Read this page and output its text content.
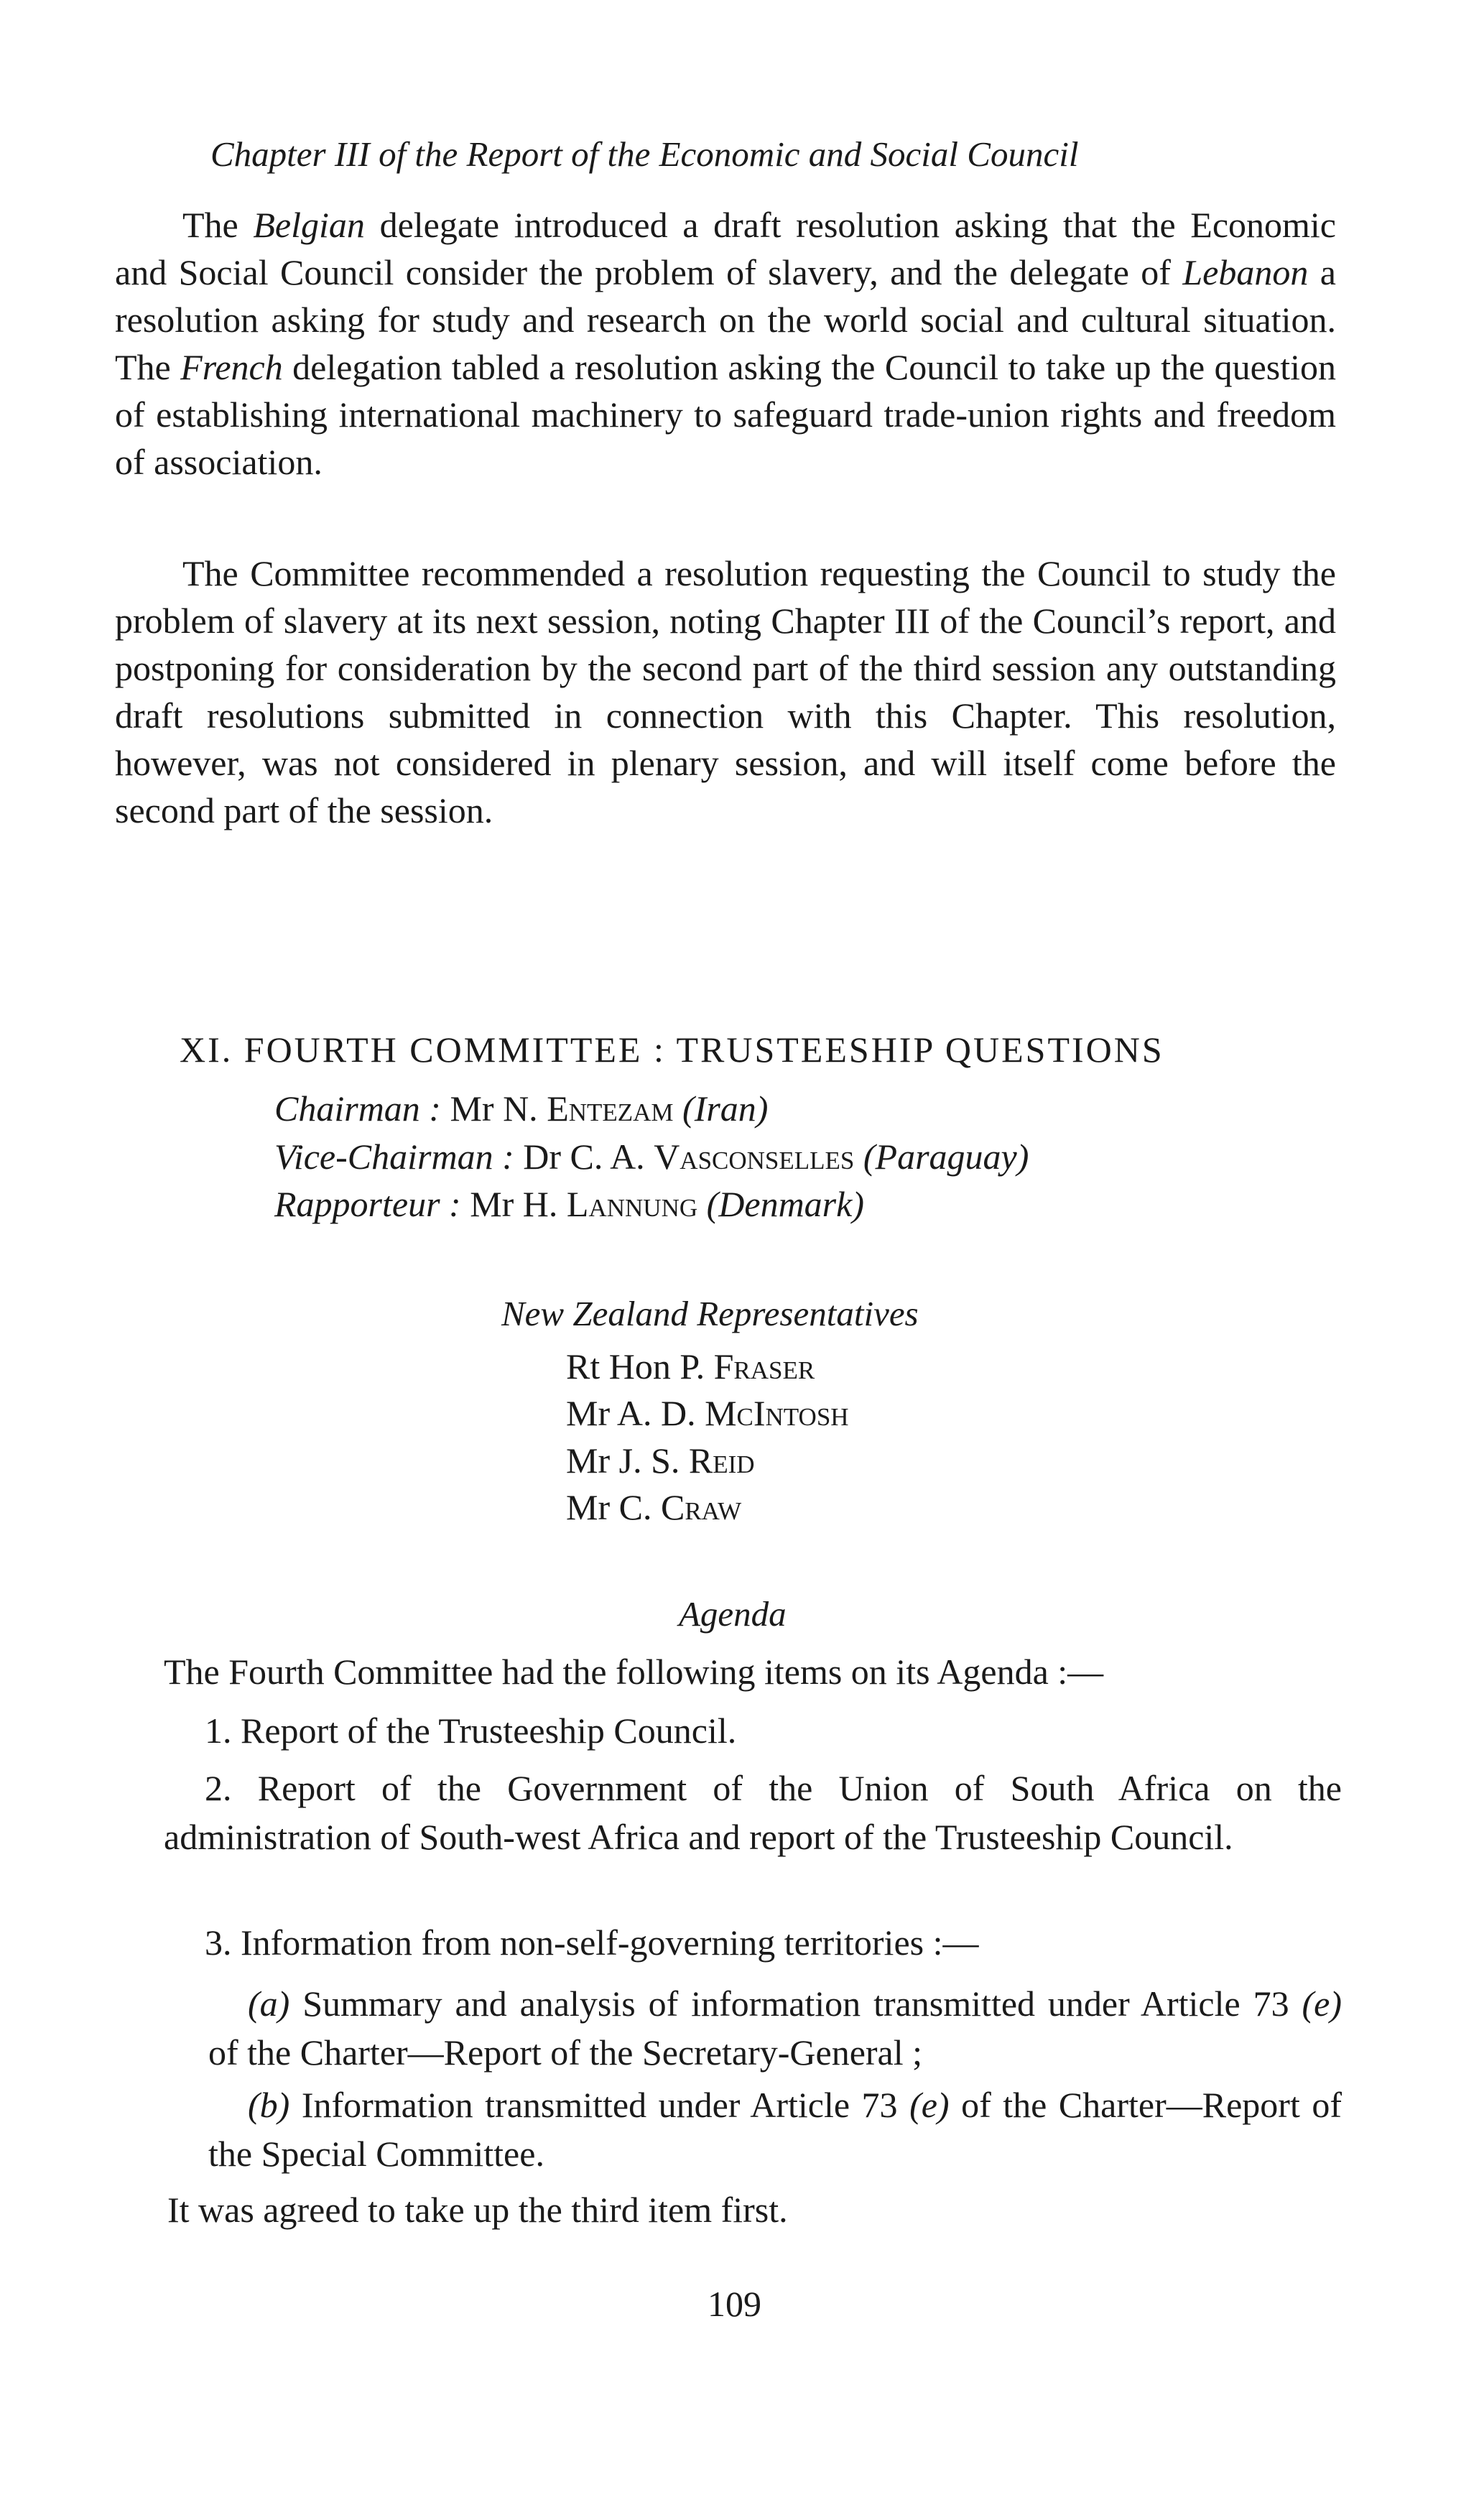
Chapter III of the Report of the Economic and Social Council
The Belgian delegate introduced a draft resolution asking that the Economic and Social Council consider the problem of slavery, and the delegate of Lebanon a resolution asking for study and research on the world social and cultural situation. The French delegation tabled a resolution asking the Council to take up the question of establishing international machinery to safeguard trade-union rights and freedom of association.
The Committee recommended a resolution requesting the Council to study the problem of slavery at its next session, noting Chapter III of the Council’s report, and postponing for consideration by the second part of the third session any outstanding draft resolutions submitted in connection with this Chapter. This resolution, however, was not considered in plenary session, and will itself come before the second part of the session.
XI. FOURTH COMMITTEE : TRUSTEESHIP QUESTIONS
Chairman : Mr N. Entezam (Iran)
Vice-Chairman : Dr C. A. Vasconselles (Paraguay)
Rapporteur : Mr H. Lannung (Denmark)
New Zealand Representatives
Rt Hon P. Fraser
Mr A. D. McIntosh
Mr J. S. Reid
Mr C. Craw
Agenda
The Fourth Committee had the following items on its Agenda :—
1. Report of the Trusteeship Council.
2. Report of the Government of the Union of South Africa on the administration of South-west Africa and report of the Trusteeship Council.
3. Information from non-self-governing territories :—
(a) Summary and analysis of information transmitted under Article 73 (e) of the Charter—Report of the Secretary-General ;
(b) Information transmitted under Article 73 (e) of the Charter—Report of the Special Committee.
It was agreed to take up the third item first.
109
